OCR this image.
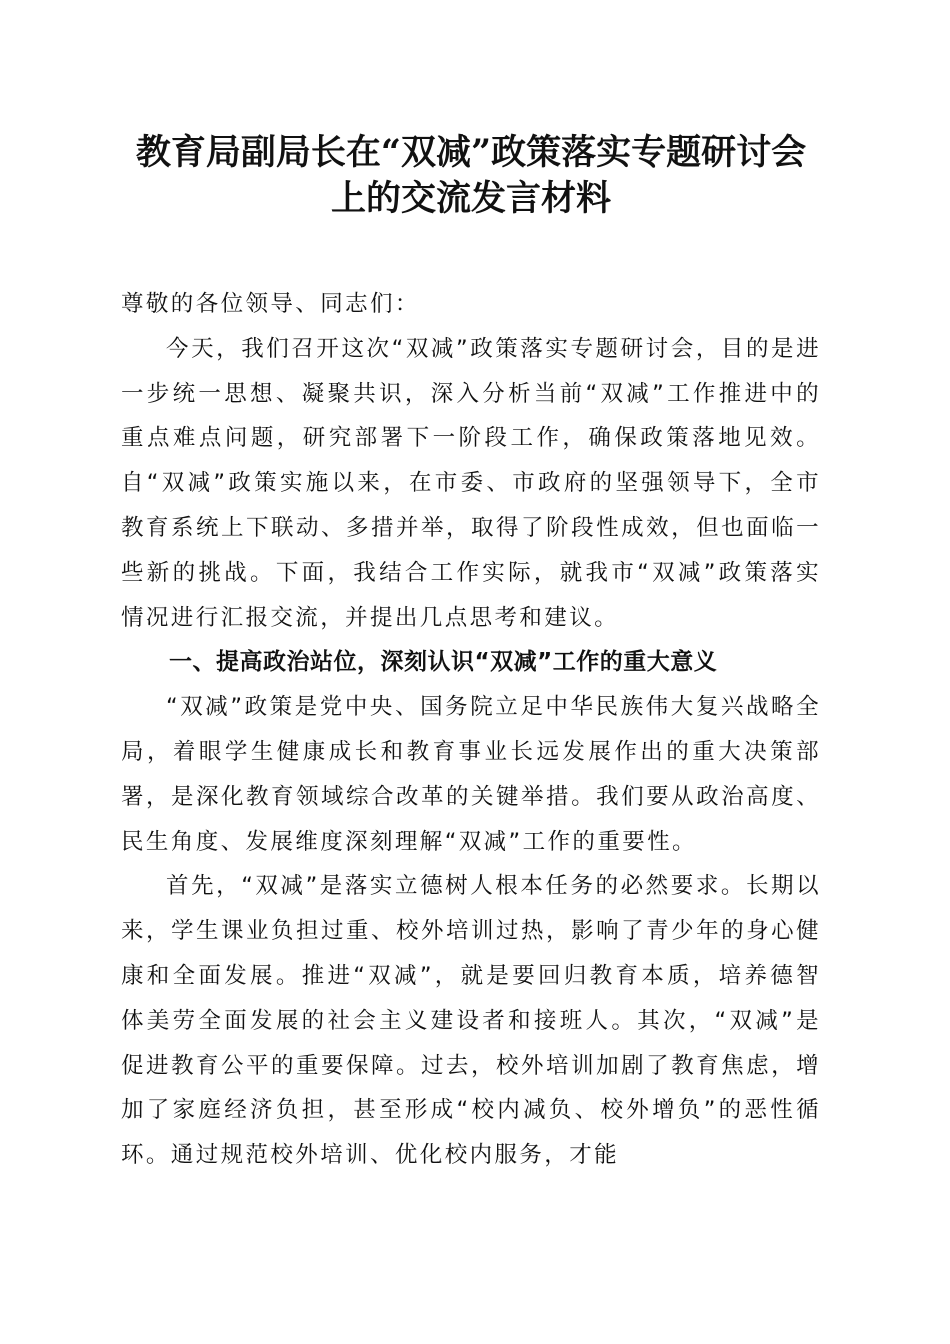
教育局副局长在“双减”政策落实专题研讨会
上的交流发言材料

尊敬的各位领导、同志们：

今天，我们召开这次“双减”政策落实专题研讨会，目的是进一步统一思想、凝聚共识，深入分析当前“双减”工作推进中的重点难点问题，研究部署下一阶段工作，确保政策落地见效。自“双减”政策实施以来，在市委、市政府的坚强领导下，全市教育系统上下联动、多措并举，取得了阶段性成效，但也面临一些新的挑战。下面，我结合工作实际，就我市“双减”政策落实情况进行汇报交流，并提出几点思考和建议。

一、提高政治站位，深刻认识“双减”工作的重大意义

“双减”政策是党中央、国务院立足中华民族伟大复兴战略全局，着眼学生健康成长和教育事业长远发展作出的重大决策部署，是深化教育领域综合改革的关键举措。我们要从政治高度、民生角度、发展维度深刻理解“双减”工作的重要性。

首先，“双减”是落实立德树人根本任务的必然要求。长期以来，学生课业负担过重、校外培训过热，影响了青少年的身心健康和全面发展。推进“双减”，就是要回归教育本质，培养德智体美劳全面发展的社会主义建设者和接班人。其次，“双减”是促进教育公平的重要保障。过去，校外培训加剧了教育焦虑，增加了家庭经济负担，甚至形成“校内减负、校外增负”的恶性循环。通过规范校外培训、优化校内服务，才能
